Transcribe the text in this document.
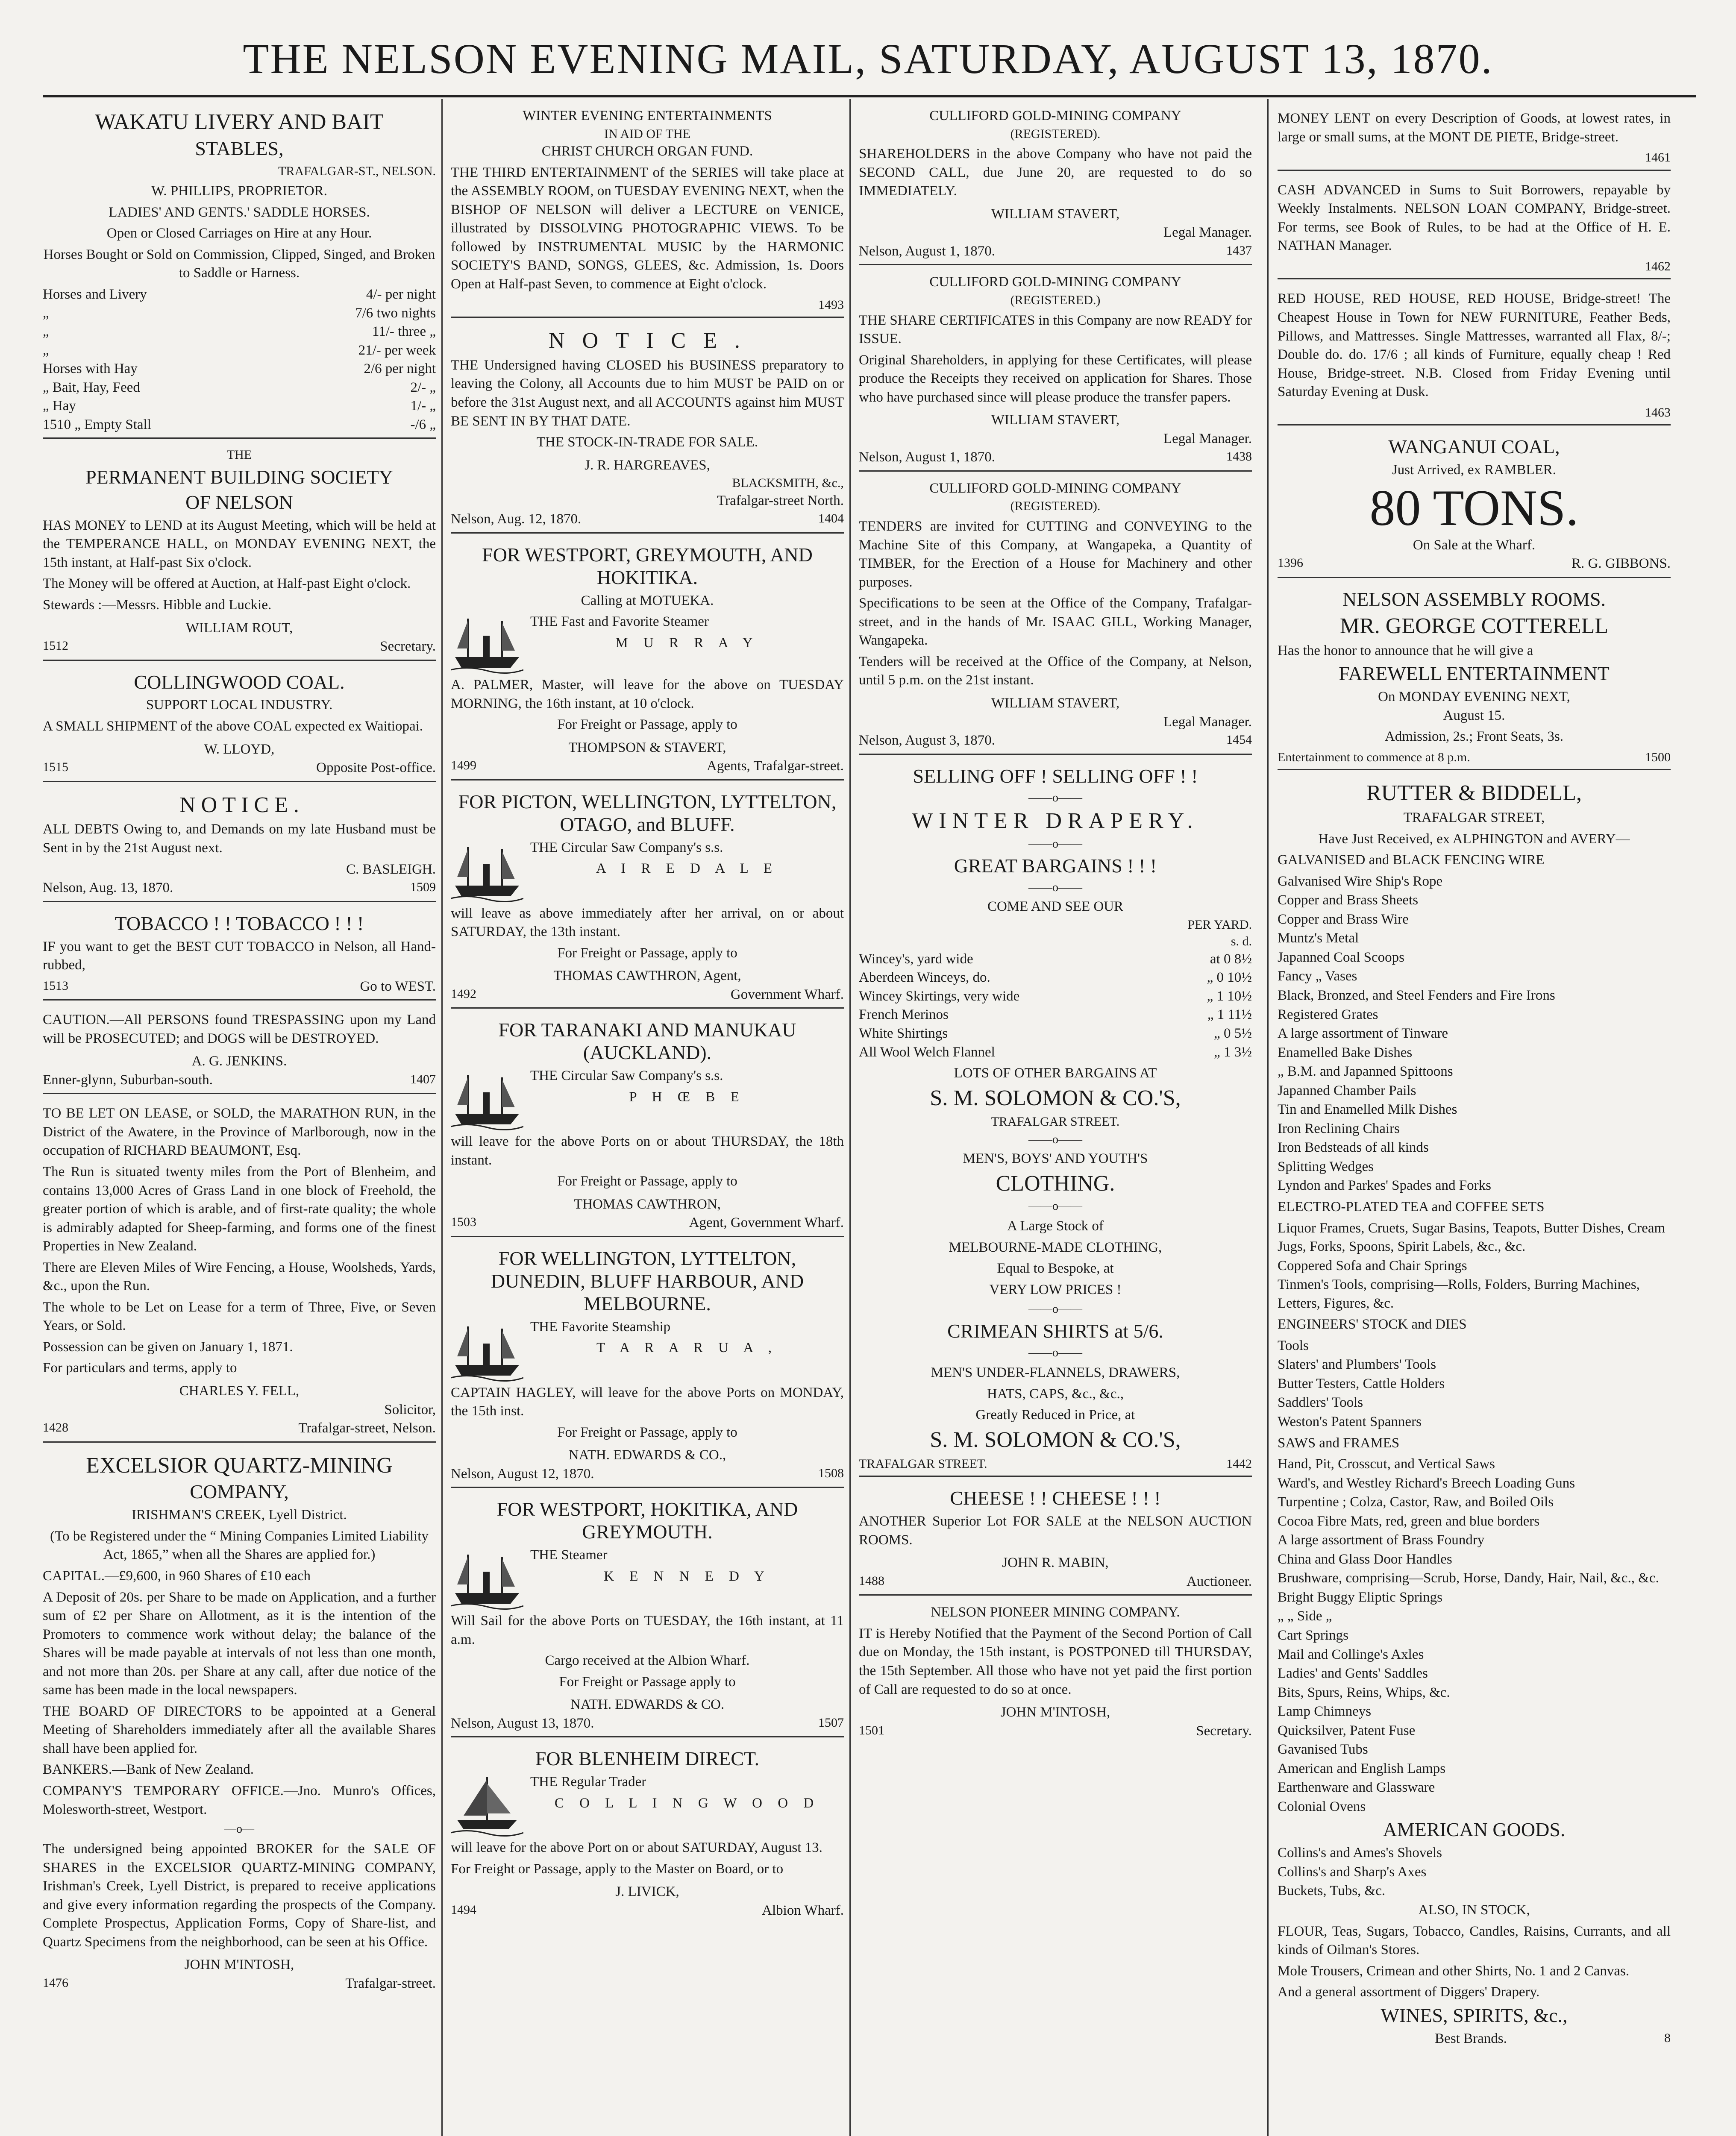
THE NELSON EVENING MAIL, SATURDAY, AUGUST 13, 1870.
WAKATU LIVERY AND BAIT
STABLES,
TRAFALGAR-ST., NELSON.

W. PHILLIPS, PROPRIETOR.

LADIES' AND GENTS.' SADDLE HORSES.

Open or Closed Carriages on Hire at any Hour.

Horses Bought or Sold on Commission, Clipped, Singed, and Broken to Saddle or Harness.

Horses and Livery	4/- per night
„	7/6 two nights
„	11/- three „
„	21/- per week
Horses with Hay	2/6 per night
„ Bait, Hay, Feed	2/- „
„ Hay	1/- „
1510 „ Empty Stall	-/6 „
THE
PERMANENT BUILDING SOCIETY
OF NELSON

HAS MONEY to LEND at its August Meeting, which will be held at the TEMPERANCE HALL, on MONDAY EVENING NEXT, the 15th instant, at Half-past Six o'clock.

The Money will be offered at Auction, at Half-past Eight o'clock.

Stewards :—Messrs. Hibble and Luckie.

WILLIAM ROUT,
1512	Secretary.
COLLINGWOOD COAL.
SUPPORT LOCAL INDUSTRY.

A SMALL SHIPMENT of the above COAL expected ex Waitiopai.

W. LLOYD,
1515	Opposite Post-office.
N O T I C E .

ALL DEBTS Owing to, and Demands on my late Husband must be Sent in by the 21st August next.

C. BASLEIGH.
Nelson, Aug. 13, 1870.	1509
TOBACCO ! ! TOBACCO ! ! !

IF you want to get the BEST CUT TOBACCO in Nelson, all Hand-rubbed,

1513	Go to WEST.

CAUTION.—All PERSONS found TRESPASSING upon my Land will be PROSECUTED; and DOGS will be DESTROYED.

A. G. JENKINS.
Enner-glynn, Suburban-south.	1407

TO BE LET ON LEASE, or SOLD, the MARATHON RUN, in the District of the Awatere, in the Province of Marlborough, now in the occupation of RICHARD BEAUMONT, Esq.

The Run is situated twenty miles from the Port of Blenheim, and contains 13,000 Acres of Grass Land in one block of Freehold, the greater portion of which is arable, and of first-rate quality; the whole is admirably adapted for Sheep-farming, and forms one of the finest Properties in New Zealand.

There are Eleven Miles of Wire Fencing, a House, Woolsheds, Yards, &c., upon the Run.

The whole to be Let on Lease for a term of Three, Five, or Seven Years, or Sold.

Possession can be given on January 1, 1871.

For particulars and terms, apply to

CHARLES Y. FELL,
Solicitor,
1428	Trafalgar-street, Nelson.
EXCELSIOR QUARTZ-MINING
COMPANY,
IRISHMAN'S CREEK, Lyell District.

(To be Registered under the “ Mining Companies Limited Liability Act, 1865,” when all the Shares are applied for.)

CAPITAL.—£9,600, in 960 Shares of £10 each

A Deposit of 20s. per Share to be made on Application, and a further sum of £2 per Share on Allotment, as it is the intention of the Promoters to commence work without delay; the balance of the Shares will be made payable at intervals of not less than one month, and not more than 20s. per Share at any call, after due notice of the same has been made in the local newspapers.

THE BOARD OF DIRECTORS to be appointed at a General Meeting of Shareholders immediately after all the available Shares shall have been applied for.

BANKERS.—Bank of New Zealand.

COMPANY'S TEMPORARY OFFICE.—Jno. Munro's Offices, Molesworth-street, Westport.

—o—

The undersigned being appointed BROKER for the SALE OF SHARES in the EXCELSIOR QUARTZ-MINING COMPANY, Irishman's Creek, Lyell District, is prepared to receive applications and give every information regarding the prospects of the Company. Complete Prospectus, Application Forms, Copy of Share-list, and Quartz Specimens from the neighborhood, can be seen at his Office.

JOHN M'INTOSH,
1476	Trafalgar-street.
WINTER EVENING ENTERTAINMENTS
IN AID OF THE
CHRIST CHURCH ORGAN FUND.

THE THIRD ENTERTAINMENT of the SERIES will take place at the ASSEMBLY ROOM, on TUESDAY EVENING NEXT, when the BISHOP OF NELSON will deliver a LECTURE on VENICE, illustrated by DISSOLVING PHOTOGRAPHIC VIEWS. To be followed by INSTRUMENTAL MUSIC by the HARMONIC SOCIETY'S BAND, SONGS, GLEES, &c. Admission, 1s. Doors Open at Half-past Seven, to commence at Eight o'clock.

1493
N O T I C E .

THE Undersigned having CLOSED his BUSINESS preparatory to leaving the Colony, all Accounts due to him MUST be PAID on or before the 31st August next, and all ACCOUNTS against him MUST BE SENT IN BY THAT DATE.

THE STOCK-IN-TRADE FOR SALE.
J. R. HARGREAVES,
BLACKSMITH, &c.,
Trafalgar-street North.
Nelson, Aug. 12, 1870.	1404
FOR WESTPORT, GREYMOUTH, AND HOKITIKA.
Calling at MOTUEKA.

THE Fast and Favorite Steamer

M U R R A Y

A. PALMER, Master, will leave for the above on TUESDAY MORNING, the 16th instant, at 10 o'clock.

For Freight or Passage, apply to

THOMPSON & STAVERT,
1499	Agents, Trafalgar-street.
FOR PICTON, WELLINGTON, LYTTELTON, OTAGO, and BLUFF.

THE Circular Saw Company's s.s.

A I R E D A L E

will leave as above immediately after her arrival, on or about SATURDAY, the 13th instant.

For Freight or Passage, apply to

THOMAS CAWTHRON, Agent,
1492	Government Wharf.
FOR TARANAKI AND MANUKAU (AUCKLAND).

THE Circular Saw Company's s.s.

P H Œ B E

will leave for the above Ports on or about THURSDAY, the 18th instant.

For Freight or Passage, apply to

THOMAS CAWTHRON,
1503	Agent, Government Wharf.
FOR WELLINGTON, LYTTELTON, DUNEDIN, BLUFF HARBOUR, AND MELBOURNE.

THE Favorite Steamship

T A R A R U A ,

CAPTAIN HAGLEY, will leave for the above Ports on MONDAY, the 15th inst.

For Freight or Passage, apply to

NATH. EDWARDS & CO.,
Nelson, August 12, 1870.	1508
FOR WESTPORT, HOKITIKA, AND GREYMOUTH.

THE Steamer

K E N N E D Y

Will Sail for the above Ports on TUESDAY, the 16th instant, at 11 a.m.

Cargo received at the Albion Wharf.

For Freight or Passage apply to

NATH. EDWARDS & CO.
Nelson, August 13, 1870.	1507
FOR BLENHEIM DIRECT.

THE Regular Trader

C O L L I N G W O O D

will leave for the above Port on or about SATURDAY, August 13.

For Freight or Passage, apply to the Master on Board, or to

J. LIVICK,
1494	Albion Wharf.
CULLIFORD GOLD-MINING COMPANY
(REGISTERED).

SHAREHOLDERS in the above Company who have not paid the SECOND CALL, due June 20, are requested to do so IMMEDIATELY.

WILLIAM STAVERT,
Legal Manager.
Nelson, August 1, 1870.	1437
CULLIFORD GOLD-MINING COMPANY
(REGISTERED.)

THE SHARE CERTIFICATES in this Company are now READY for ISSUE.

Original Shareholders, in applying for these Certificates, will please produce the Receipts they received on application for Shares. Those who have purchased since will please produce the transfer papers.

WILLIAM STAVERT,
Legal Manager.
Nelson, August 1, 1870.	1438
CULLIFORD GOLD-MINING COMPANY
(REGISTERED).

TENDERS are invited for CUTTING and CONVEYING to the Machine Site of this Company, at Wangapeka, a Quantity of TIMBER, for the Erection of a House for Machinery and other purposes.

Specifications to be seen at the Office of the Company, Trafalgar-street, and in the hands of Mr. ISAAC GILL, Working Manager, Wangapeka.

Tenders will be received at the Office of the Company, at Nelson, until 5 p.m. on the 21st instant.

WILLIAM STAVERT,
Legal Manager.
Nelson, August 3, 1870.	1454
SELLING OFF ! SELLING OFF ! !
——o——
WINTER DRAPERY.
——o——
GREAT BARGAINS ! ! !
——o——
COME AND SEE OUR
PER YARD.
s. d.
Wincey's, yard wide	at 0 8½
Aberdeen Winceys, do.	„ 0 10½
Wincey Skirtings, very wide	„ 1 10½
French Merinos	„ 1 11½
White Shirtings	„ 0 5½
All Wool Welch Flannel	„ 1 3½

LOTS OF OTHER BARGAINS AT

S. M. SOLOMON & CO.'S,
TRAFALGAR STREET.
——o——
MEN'S, BOYS' AND YOUTH'S
CLOTHING.
——o——

A Large Stock of

MELBOURNE-MADE CLOTHING,

Equal to Bespoke, at

VERY LOW PRICES !

——o——
CRIMEAN SHIRTS at 5/6.
——o——

MEN'S UNDER-FLANNELS, DRAWERS,

HATS, CAPS, &c., &c.,

Greatly Reduced in Price, at

S. M. SOLOMON & CO.'S,
TRAFALGAR STREET.	1442
CHEESE ! ! CHEESE ! ! !

ANOTHER Superior Lot FOR SALE at the NELSON AUCTION ROOMS.

JOHN R. MABIN,
1488	Auctioneer.
NELSON PIONEER MINING COMPANY.

IT is Hereby Notified that the Payment of the Second Portion of Call due on Monday, the 15th instant, is POSTPONED till THURSDAY, the 15th September. All those who have not yet paid the first portion of Call are requested to do so at once.

JOHN M'INTOSH,
1501	Secretary.

MONEY LENT on every Description of Goods, at lowest rates, in large or small sums, at the MONT DE PIETE, Bridge-street.

1461

CASH ADVANCED in Sums to Suit Borrowers, repayable by Weekly Instalments. NELSON LOAN COMPANY, Bridge-street. For terms, see Book of Rules, to be had at the Office of H. E. NATHAN Manager.

1462

RED HOUSE, RED HOUSE, RED HOUSE, Bridge-street! The Cheapest House in Town for NEW FURNITURE, Feather Beds, Pillows, and Mattresses. Single Mattresses, warranted all Flax, 8/-; Double do. do. 17/6 ; all kinds of Furniture, equally cheap ! Red House, Bridge-street. N.B. Closed from Friday Evening until Saturday Evening at Dusk.

1463
WANGANUI COAL,
Just Arrived, ex RAMBLER.
80 TONS.
On Sale at the Wharf.
1396	R. G. GIBBONS.
NELSON ASSEMBLY ROOMS.
MR. GEORGE COTTERELL

Has the honor to announce that he will give a

FAREWELL ENTERTAINMENT
On MONDAY EVENING NEXT,
August 15.

Admission, 2s.; Front Seats, 3s.

Entertainment to commence at 8 p.m.	1500
RUTTER & BIDDELL,
TRAFALGAR STREET,

Have Just Received, ex ALPHINGTON and AVERY—

GALVANISED and BLACK FENCING WIRE

Galvanised Wire Ship's Rope

Copper and Brass Sheets

Copper and Brass Wire

Muntz's Metal

Japanned Coal Scoops

Fancy „ Vases

Black, Bronzed, and Steel Fenders and Fire Irons

Registered Grates

A large assortment of Tinware

Enamelled Bake Dishes

„ B.M. and Japanned Spittoons

Japanned Chamber Pails

Tin and Enamelled Milk Dishes

Iron Reclining Chairs

Iron Bedsteads of all kinds

Splitting Wedges

Lyndon and Parkes' Spades and Forks

ELECTRO-PLATED TEA and COFFEE SETS

Liquor Frames, Cruets, Sugar Basins, Teapots, Butter Dishes, Cream Jugs, Forks, Spoons, Spirit Labels, &c., &c.

Coppered Sofa and Chair Springs

Tinmen's Tools, comprising—Rolls, Folders, Burring Machines, Letters, Figures, &c.

ENGINEERS' STOCK and DIES

Tools

Slaters' and Plumbers' Tools

Butter Testers, Cattle Holders

Saddlers' Tools

Weston's Patent Spanners

SAWS and FRAMES

Hand, Pit, Crosscut, and Vertical Saws

Ward's, and Westley Richard's Breech Loading Guns

Turpentine ; Colza, Castor, Raw, and Boiled Oils

Cocoa Fibre Mats, red, green and blue borders

A large assortment of Brass Foundry

China and Glass Door Handles

Brushware, comprising—Scrub, Horse, Dandy, Hair, Nail, &c., &c.

Bright Buggy Eliptic Springs

„ „ Side „

Cart Springs

Mail and Collinge's Axles

Ladies' and Gents' Saddles

Bits, Spurs, Reins, Whips, &c.

Lamp Chimneys

Quicksilver, Patent Fuse

Gavanised Tubs

American and English Lamps

Earthenware and Glassware

Colonial Ovens

AMERICAN GOODS.

Collins's and Ames's Shovels

Collins's and Sharp's Axes

Buckets, Tubs, &c.

ALSO, IN STOCK,

FLOUR, Teas, Sugars, Tobacco, Candles, Raisins, Currants, and all kinds of Oilman's Stores.

Mole Trousers, Crimean and other Shirts, No. 1 and 2 Canvas.

And a general assortment of Diggers' Drapery.

WINES, SPIRITS, &c.,
Best Brands.	8
